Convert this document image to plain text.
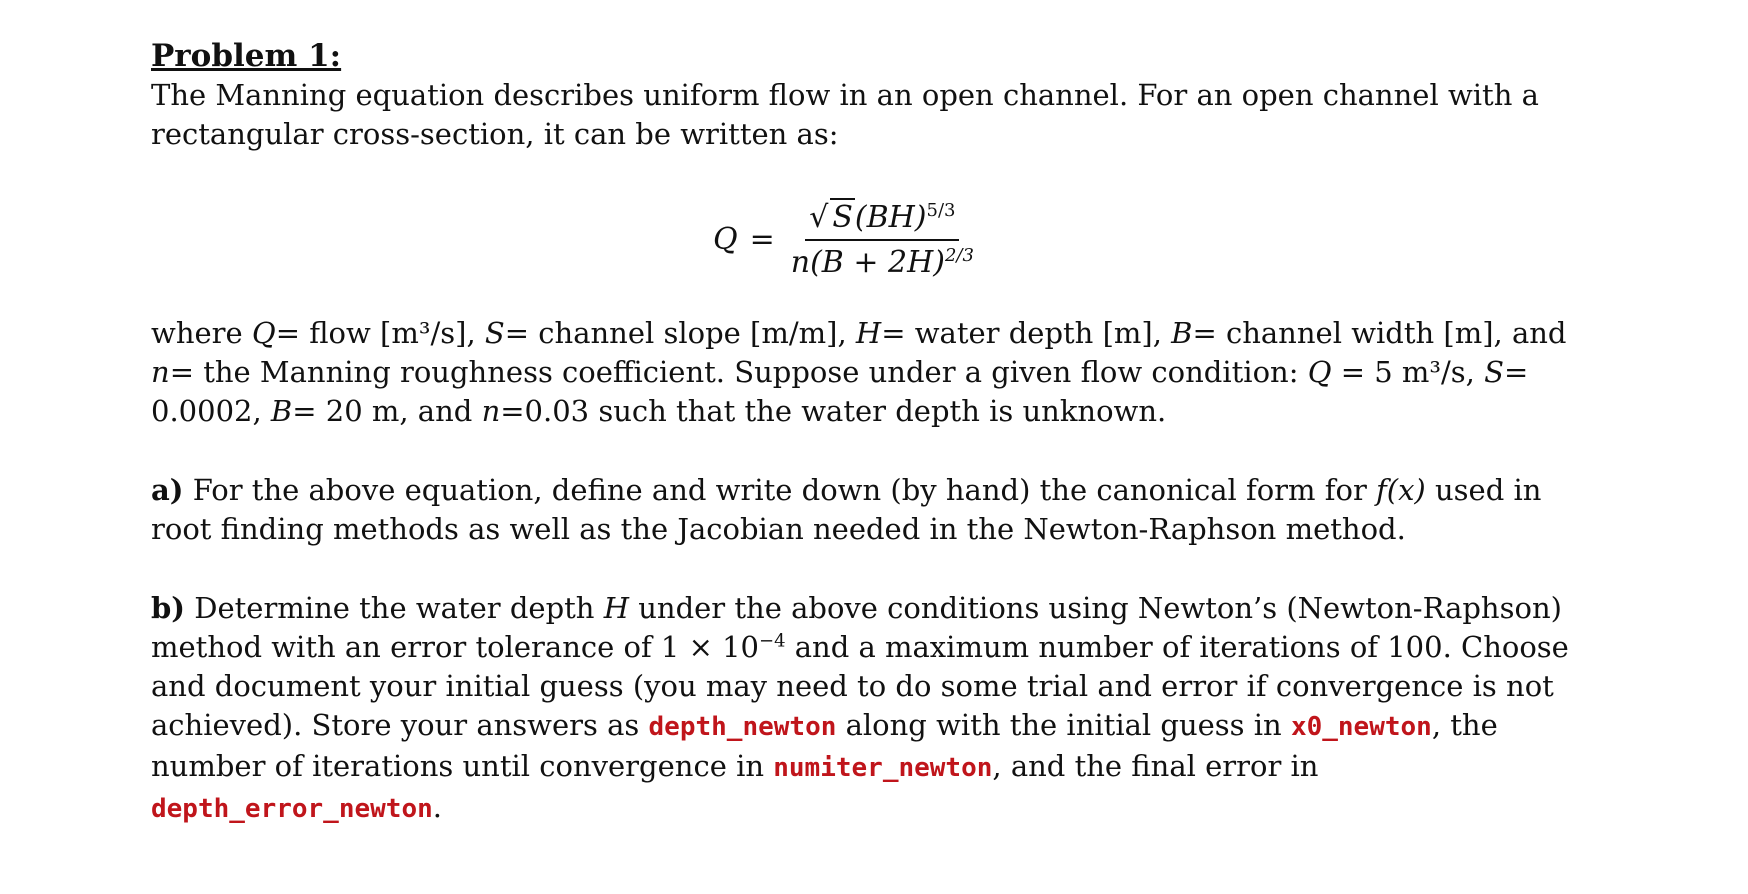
Problem 1:

The Manning equation describes uniform flow in an open channel. For an open channel with a rectangular cross-section, it can be written as:

$Q = \frac{√ S(BH)^{5/3}}{n(B + 2H)^{2/3}}$

where Q= flow [m³/s], S= channel slope [m/m], H= water depth [m], B= channel width [m], and n= the Manning roughness coefficient. Suppose under a given flow condition: Q = 5 m³/s, S= 0.0002, B= 20 m, and n=0.03 such that the water depth is unknown.

a) For the above equation, define and write down (by hand) the canonical form for f(x) used in root finding methods as well as the Jacobian needed in the Newton-Raphson method.

b) Determine the water depth H under the above conditions using Newton’s (Newton-Raphson) method with an error tolerance of $1 \times 10^{-4}$ and a maximum number of iterations of 100. Choose and document your initial guess (you may need to do some trial and error if convergence is not achieved). Store your answers as depth_newton along with the initial guess in x0_newton, the number of iterations until convergence in numiter_newton, and the final error in depth_error_newton.
